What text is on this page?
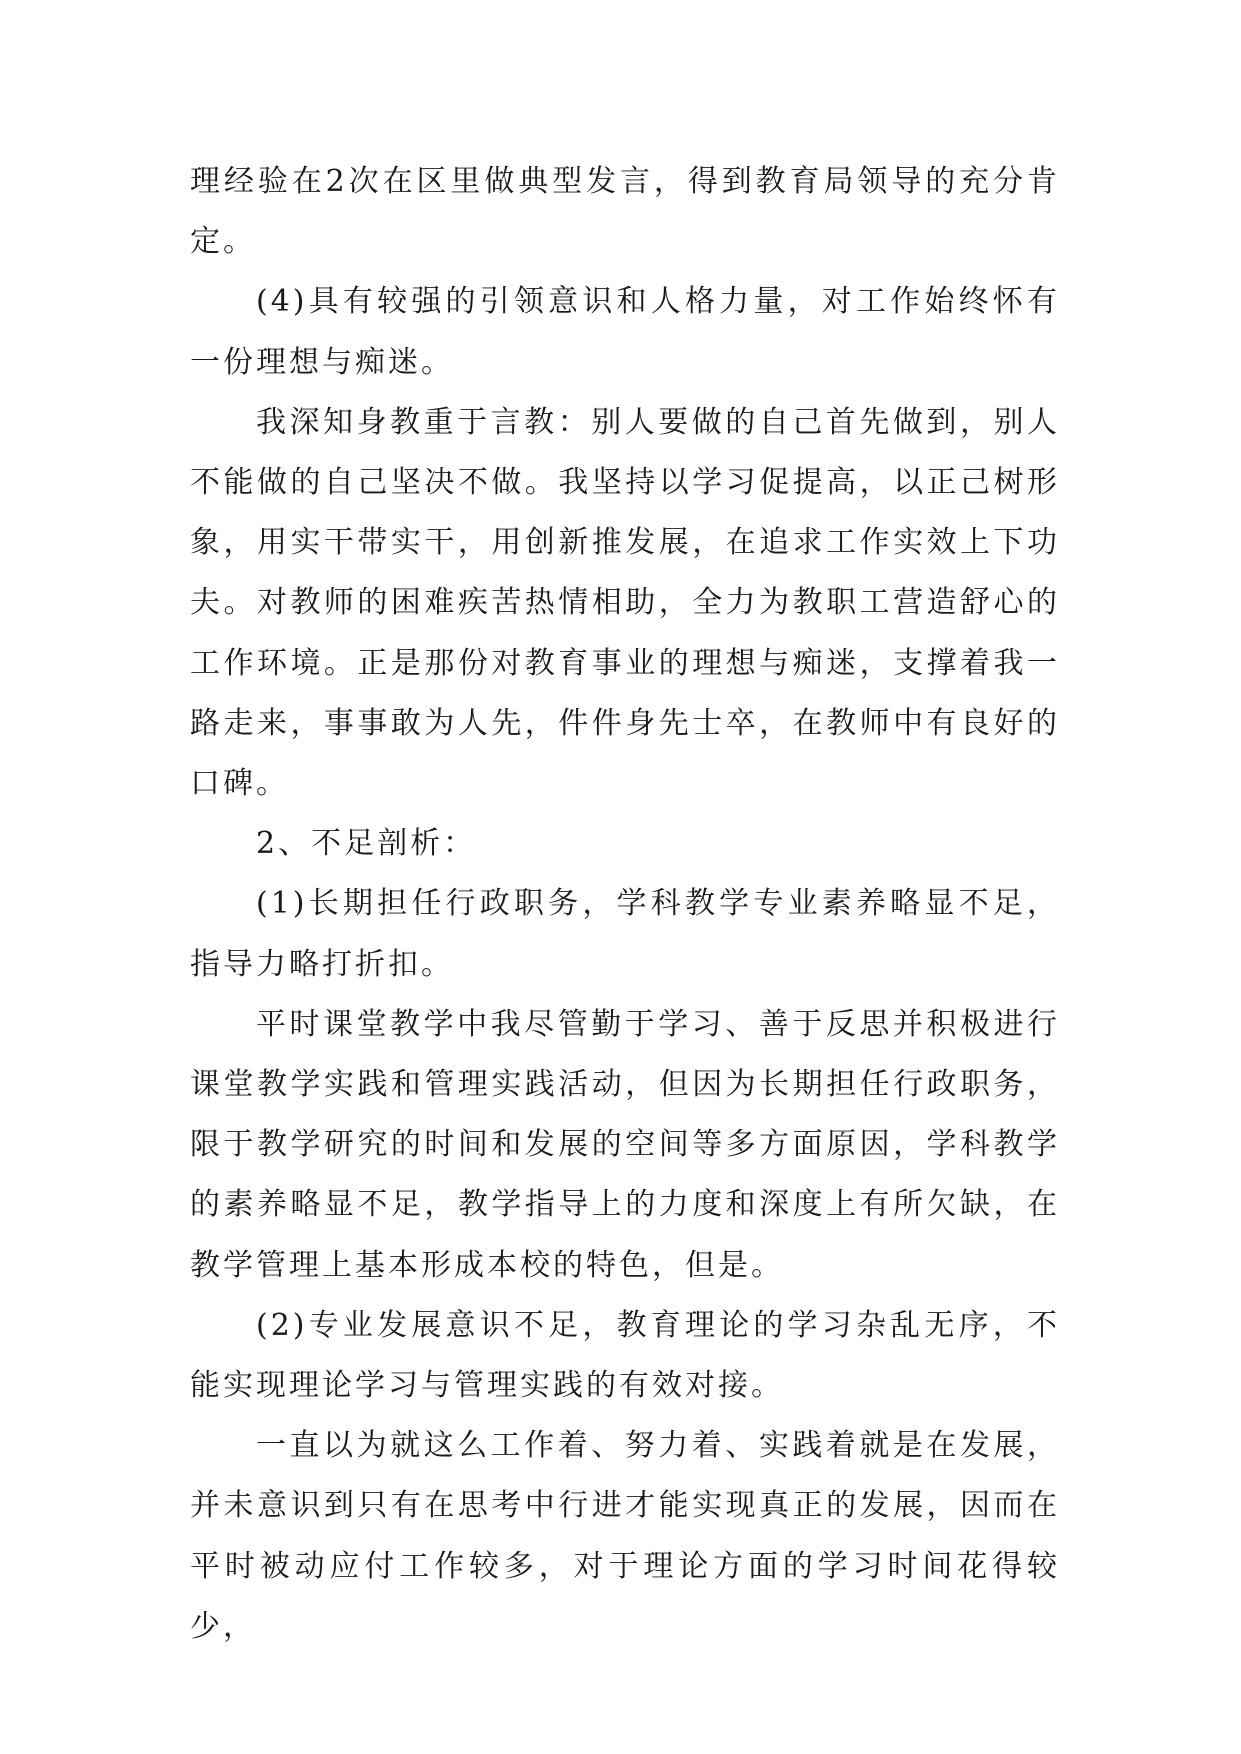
理经验在2次在区里做典型发言，得到教育局领导的充分肯定。

(4)具有较强的引领意识和人格力量，对工作始终怀有一份理想与痴迷。

我深知身教重于言教：别人要做的自己首先做到，别人不能做的自己坚决不做。我坚持以学习促提高，以正己树形象，用实干带实干，用创新推发展，在追求工作实效上下功夫。对教师的困难疾苦热情相助，全力为教职工营造舒心的工作环境。正是那份对教育事业的理想与痴迷，支撑着我一路走来，事事敢为人先，件件身先士卒，在教师中有良好的口碑。

2、不足剖析：

(1)长期担任行政职务，学科教学专业素养略显不足，指导力略打折扣。

平时课堂教学中我尽管勤于学习、善于反思并积极进行课堂教学实践和管理实践活动，但因为长期担任行政职务，限于教学研究的时间和发展的空间等多方面原因，学科教学的素养略显不足，教学指导上的力度和深度上有所欠缺，在教学管理上基本形成本校的特色，但是。

(2)专业发展意识不足，教育理论的学习杂乱无序，不能实现理论学习与管理实践的有效对接。

一直以为就这么工作着、努力着、实践着就是在发展，并未意识到只有在思考中行进才能实现真正的发展，因而在平时被动应付工作较多，对于理论方面的学习时间花得较少，
